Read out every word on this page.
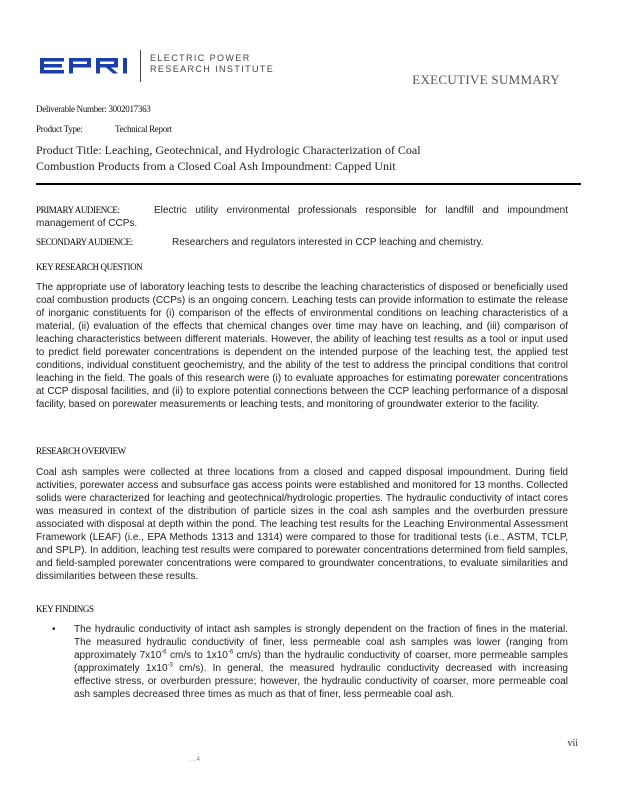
ELECTRIC POWER
RESEARCH INSTITUTE
EXECUTIVE SUMMARY
Deliverable Number: 3002017363
Product Type:	Technical Report
Product Title: Leaching, Geotechnical, and Hydrologic Characterization of Coal
Combustion Products from a Closed Coal Ash Impoundment: Capped Unit
PRIMARY AUDIENCE:	Electric utility environmental professionals responsible for landfill and impoundment management of CCPs.
SECONDARY AUDIENCE:	Researchers and regulators interested in CCP leaching and chemistry.
KEY RESEARCH QUESTION
The appropriate use of laboratory leaching tests to describe the leaching characteristics of disposed or beneficially used coal combustion products (CCPs) is an ongoing concern. Leaching tests can provide information to estimate the release of inorganic constituents for (i) comparison of the effects of environmental conditions on leaching characteristics of a material, (ii) evaluation of the effects that chemical changes over time may have on leaching, and (iii) comparison of leaching characteristics between different materials. However, the ability of leaching test results as a tool or input used to predict field porewater concentrations is dependent on the intended purpose of the leaching test, the applied test conditions, individual constituent geochemistry, and the ability of the test to address the principal conditions that control leaching in the field. The goals of this research were (i) to evaluate approaches for estimating porewater concentrations at CCP disposal facilities, and (ii) to explore potential connections between the CCP leaching performance of a disposal facility, based on porewater measurements or leaching tests, and monitoring of groundwater exterior to the facility.
RESEARCH OVERVIEW
Coal ash samples were collected at three locations from a closed and capped disposal impoundment. During field activities, porewater access and subsurface gas access points were established and monitored for 13 months. Collected solids were characterized for leaching and geotechnical/hydrologic properties. The hydraulic conductivity of intact cores was measured in context of the distribution of particle sizes in the coal ash samples and the overburden pressure associated with disposal at depth within the pond. The leaching test results for the Leaching Environmental Assessment Framework (LEAF) (i.e., EPA Methods 1313 and 1314) were compared to those for traditional tests (i.e., ASTM, TCLP, and SPLP). In addition, leaching test results were compared to porewater concentrations determined from field samples, and field-sampled porewater concentrations were compared to groundwater concentrations, to evaluate similarities and dissimilarities between these results.
KEY FINDINGS
• The hydraulic conductivity of intact ash samples is strongly dependent on the fraction of fines in the material. The measured hydraulic conductivity of finer, less permeable coal ash samples was lower (ranging from approximately $7x10^{-6}$ cm/s to $1x10^{-6}$ cm/s) than the hydraulic conductivity of coarser, more permeable samples (approximately $1x10^{-3}$ cm/s). In general, the measured hydraulic conductivity decreased with increasing effective stress, or overburden pressure; however, the hydraulic conductivity of coarser, more permeable coal ash samples decreased three times as much as that of finer, less permeable coal ash.
vii
. . 4
